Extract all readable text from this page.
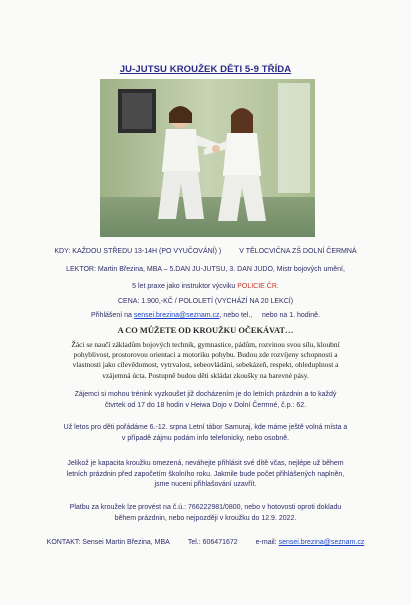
JU-JUTSU KROUŽEK DĚTI 5-9 TŘÍDA
KDY: KAŽDOU STŘEDU 13-14H (PO VYUČOVÁNÍ) )	V TĚLOCVIČNA ZŠ DOLNÍ ČERMNÁ
LEKTOR: Martin Březina, MBA – 5.DAN JU-JUTSU, 3. DAN JUDO, Mistr bojových umění,
5 let praxe jako instruktor výcviku POLICIE ČR.
CENA: 1.900,-KČ / POLOLETÍ (VYCHÁZÍ NA 20 LEKCÍ)
Přihlášení na sensei.brezina@seznam.cz, nebo tel.,     nebo na 1. hodině.
A CO MŮŽETE OD KROUŽKU OČEKÁVAT…
Žáci se naučí základům bojových technik, gymnastice, pádům, rozvinou svou sílu, kloubní
pohyblivost, prostorovou orientaci a motoriku pohybu. Budou zde rozvíjeny schopnosti a
vlastnosti jako cílevědomost, vytrvalost, sebeovládání, sebekázeň, respekt, ohleduplnost a
vzájemná úcta. Postupně budou děti skládat zkoušky na barevné pásy.
Zájemci si mohou trénink vyzkoušet již docházením je do letních prázdnin a to každý
čtvrtek od 17 do 18 hodin v Heiwa Dojo v Dolní Čermné, č.p.: 62.
Už letos pro děti pořádáme 6.-12. srpna Letní tábor Samuraj, kde máme ještě volná místa a
v případě zájmu podám info telefonicky, nebo osobně.
Jelikož je kapacita kroužku omezená, neváhejte přihlásit své dítě včas, nejlépe už během
letních prázdnin před započetím školního roku. Jakmile bude počet přihlášených naplněn,
jsme nuceni přihlašování uzavřít.
Platbu za kroužek lze provést na č.ú.: 766222981/0800, nebo v hotovosti oproti dokladu
během prázdnin, nebo nejpozději v kroužku do 12.9. 2022.
KONTAKT: Sensei Martin Březina, MBA	Tel.: 606471672	e-mail: sensei.brezina@seznam.cz
